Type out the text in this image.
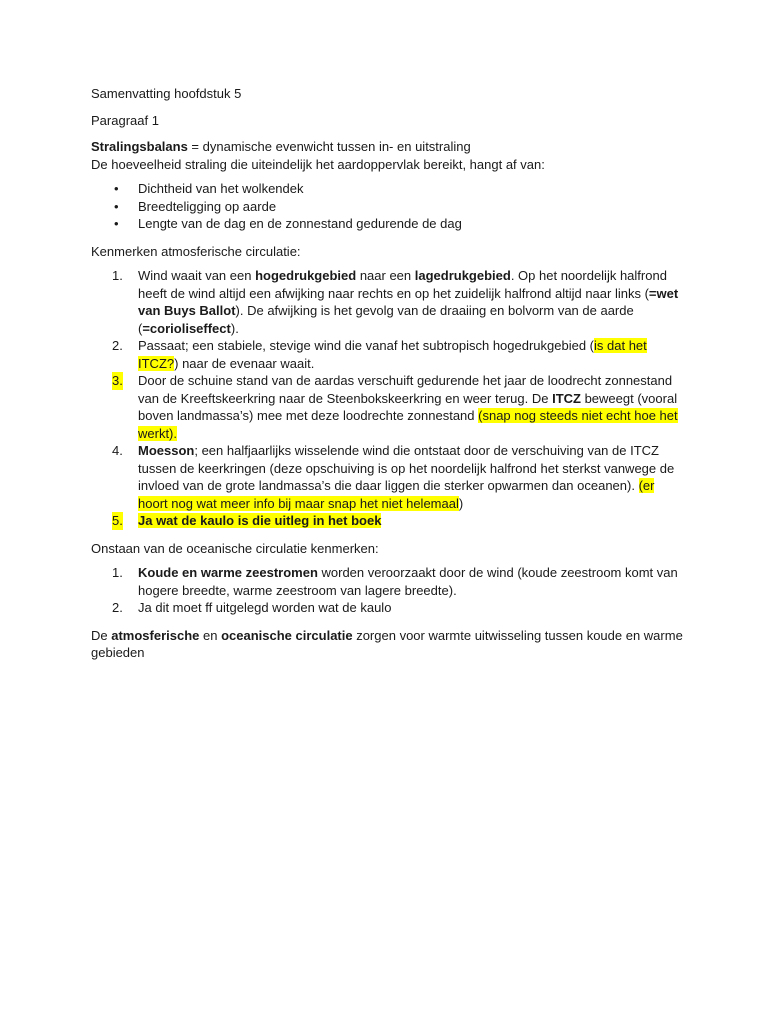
Samenvatting hoofdstuk 5

Paragraaf 1

Stralingsbalans = dynamische evenwicht tussen in- en uitstraling

De hoeveelheid straling die uiteindelijk het aardoppervlak bereikt, hangt af van:

• Dichtheid van het wolkendek
• Breedteligging op aarde
• Lengte van de dag en de zonnestand gedurende de dag

Kenmerken atmosferische circulatie:

1. Wind waait van een hogedrukgebied naar een lagedrukgebied. Op het noordelijk halfrond heeft de wind altijd een afwijking naar rechts en op het zuidelijk halfrond altijd naar links (=wet van Buys Ballot). De afwijking is het gevolg van de draaiing en bolvorm van de aarde (=corioliseffect).
2. Passaat; een stabiele, stevige wind die vanaf het subtropisch hogedrukgebied (is dat het ITCZ?) naar de evenaar waait.
3. Door de schuine stand van de aardas verschuift gedurende het jaar de loodrecht zonnestand van de Kreeftskeerkring naar de Steenbokskeerkring en weer terug. De ITCZ beweegt (vooral boven landmassa’s) mee met deze loodrechte zonnestand (snap nog steeds niet echt hoe het werkt).
4. Moesson; een halfjaarlijks wisselende wind die ontstaat door de verschuiving van de ITCZ tussen de keerkringen (deze opschuiving is op het noordelijk halfrond het sterkst vanwege de invloed van de grote landmassa’s die daar liggen die sterker opwarmen dan oceanen). (er hoort nog wat meer info bij maar snap het niet helemaal)
5. Ja wat de kaulo is die uitleg in het boek

Onstaan van de oceanische circulatie kenmerken:

1. Koude en warme zeestromen worden veroorzaakt door de wind (koude zeestroom komt van hogere breedte, warme zeestroom van lagere breedte).
2. Ja dit moet ff uitgelegd worden wat de kaulo

De atmosferische en oceanische circulatie zorgen voor warmte uitwisseling tussen koude en warme gebieden
